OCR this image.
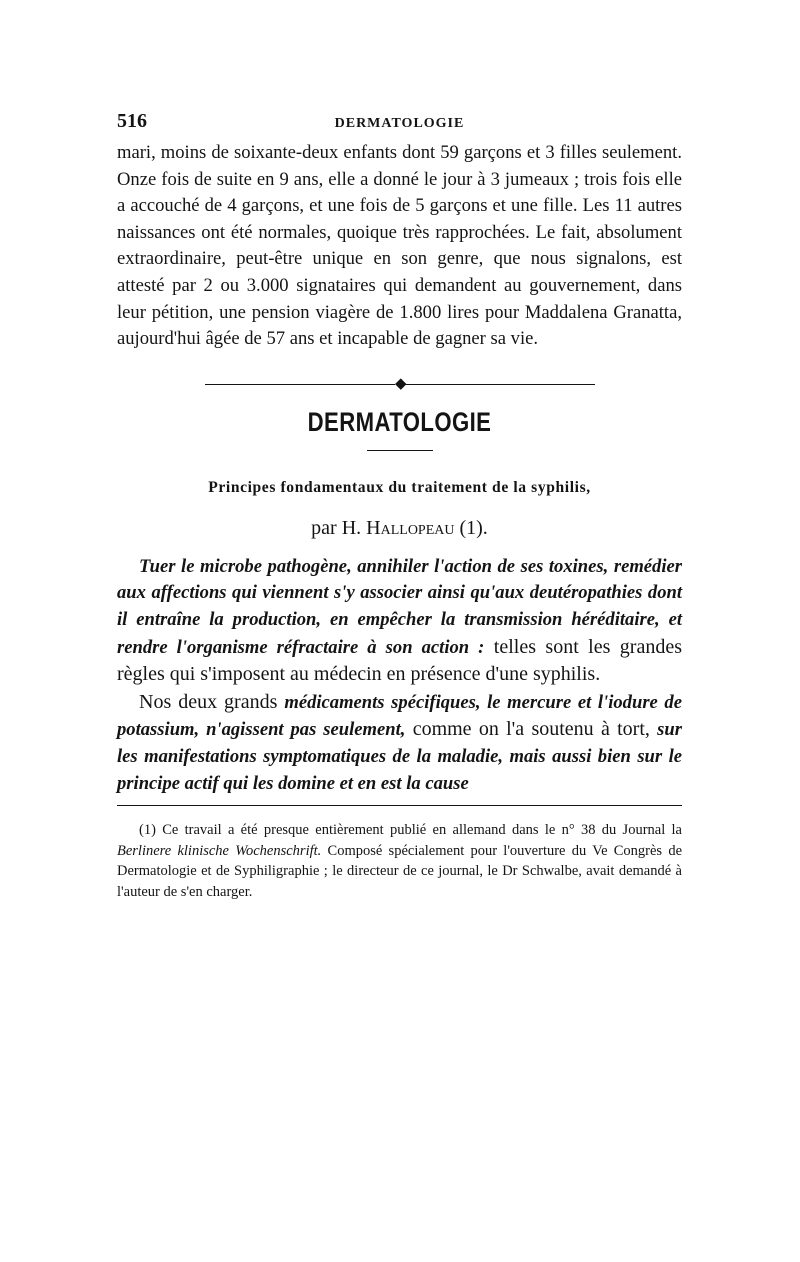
516	DERMATOLOGIE

mari, moins de soixante-deux enfants dont 59 garçons et 3 filles seulement. Onze fois de suite en 9 ans, elle a donné le jour à 3 jumeaux ; trois fois elle a accouché de 4 garçons, et une fois de 5 garçons et une fille. Les 11 autres naissances ont été normales, quoique très rapprochées. Le fait, absolument extraordinaire, peut-être unique en son genre, que nous signalons, est attesté par 2 ou 3.000 signataires qui demandent au gouvernement, dans leur pétition, une pension viagère de 1.800 lires pour Maddalena Granatta, aujourd'hui âgée de 57 ans et incapable de gagner sa vie.

◆
DERMATOLOGIE
Principes fondamentaux du traitement de la syphilis,
par H. Hallopeau (1).

Tuer le microbe pathogène, annihiler l'action de ses toxines, remédier aux affections qui viennent s'y associer ainsi qu'aux deutéropathies dont il entraîne la production, en empêcher la transmission héréditaire, et rendre l'organisme réfractaire à son action : telles sont les grandes règles qui s'imposent au médecin en présence d'une syphilis.

Nos deux grands médicaments spécifiques, le mercure et l'iodure de potassium, n'agissent pas seulement, comme on l'a soutenu à tort, sur les manifestations symptomatiques de la maladie, mais aussi bien sur le principe actif qui les domine et en est la cause

(1) Ce travail a été presque entièrement publié en allemand dans le n° 38 du Journal la Berlinere klinische Wochenschrift. Composé spécialement pour l'ouverture du Ve Congrès de Dermatologie et de Syphiligraphie ; le directeur de ce journal, le Dr Schwalbe, avait demandé à l'auteur de s'en charger.
